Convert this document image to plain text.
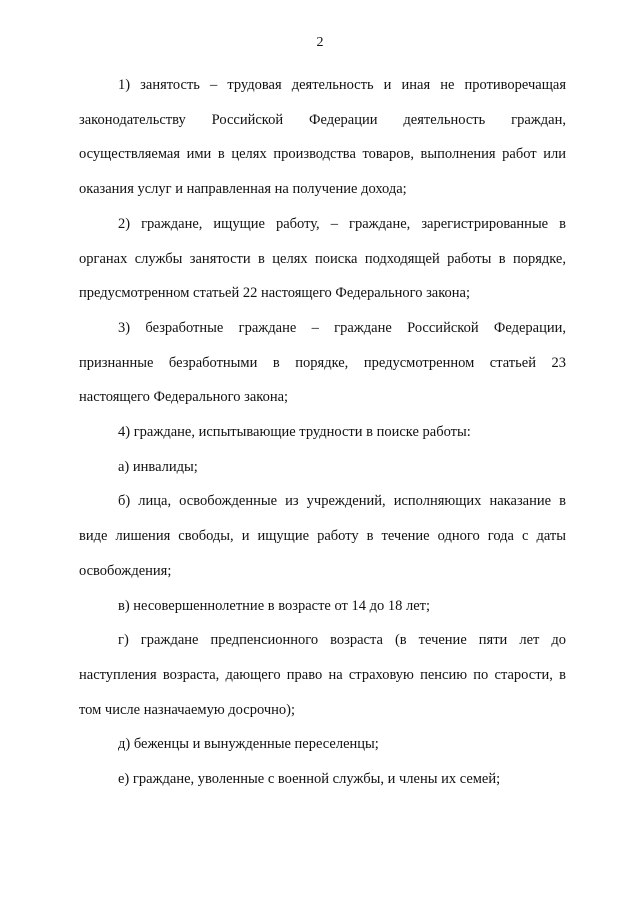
2

1) занятость – трудовая деятельность и иная не противоречащая законодательству Российской Федерации деятельность граждан, осуществляемая ими в целях производства товаров, выполнения работ или оказания услуг и направленная на получение дохода;

2) граждане, ищущие работу, – граждане, зарегистрированные в органах службы занятости в целях поиска подходящей работы в порядке, предусмотренном статьей 22 настоящего Федерального закона;

3) безработные граждане – граждане Российской Федерации, признанные безработными в порядке, предусмотренном статьей 23 настоящего Федерального закона;

4) граждане, испытывающие трудности в поиске работы:

а) инвалиды;

б) лица, освобожденные из учреждений, исполняющих наказание в виде лишения свободы, и ищущие работу в течение одного года с даты освобождения;

в) несовершеннолетние в возрасте от 14 до 18 лет;

г) граждане предпенсионного возраста (в течение пяти лет до наступления возраста, дающего право на страховую пенсию по старости, в том числе назначаемую досрочно);

д) беженцы и вынужденные переселенцы;

е) граждане, уволенные с военной службы, и члены их семей;
